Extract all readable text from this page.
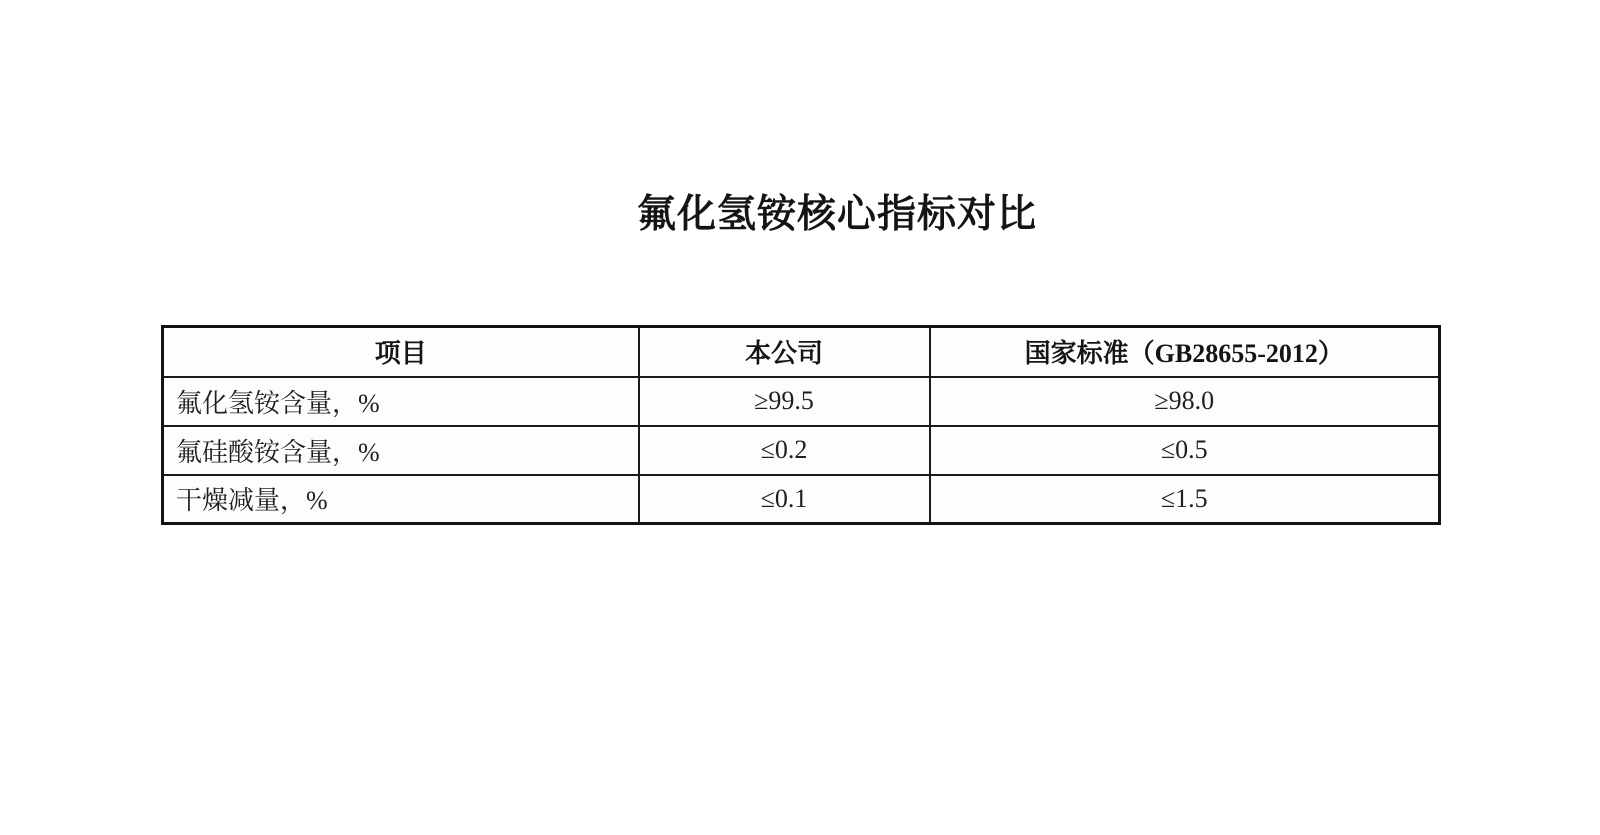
氟化氢铵核心指标对比
项目	本公司	国家标准（GB28655-2012）
氟化氢铵含量，%	≥99.5	≥98.0
氟硅酸铵含量，%	≤0.2	≤0.5
干燥减量，%	≤0.1	≤1.5
